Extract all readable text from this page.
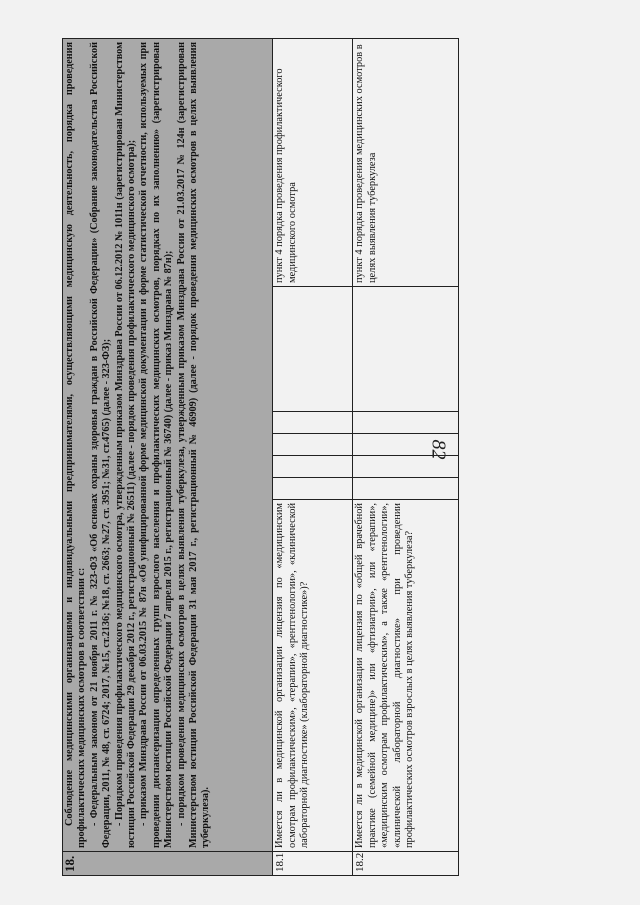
82
18.	Соблюдение медицинскими организациями и индивидуальными предпринимателями, осуществляющими медицинскую деятельность, порядка проведения профилактических медицинских осмотров в соответствии с: - Федеральным законом от 21 ноября 2011 г. № 323-ФЗ «Об основах охраны здоровья граждан в Российской Федерации» (Собрание законодательства Российской Федерации, 2011, № 48, ст. 6724; 2017, №15, ст.2136; №18, ст. 2663; №27, ст. 3951; №31, ст.4765) (далее - 323-ФЗ); - Порядком проведения профилактического медицинского осмотра, утвержденным приказом Минздрава России от 06.12.2012 № 1011н (зарегистрирован Министерством юстиции Российской Федерации 29 декабря 2012 г., регистрационный № 26511) (далее - порядок проведения профилактического медицинского осмотра); - приказом Минздрава России от 06.03.2015 № 87н «Об унифицированной форме медицинской документации и форме статистической отчетности, используемых при проведении диспансеризации определенных групп взрослого населения и профилактических медицинских осмотров, порядках по их заполнению» (зарегистрирован Министерством юстиции Российской Федерации 7 апреля 2015 г., регистрационный № 36740) (далее - приказ Минздрава № 87н); - порядком проведения медицинских осмотров в целях выявления туберкулеза, утвержденным приказом Минздрава России от 21.03.2017 № 124н (зарегистрирован Министерством юстиции Российской Федерации 31 мая 2017 г., регистрационный № 46909) (далее - порядок проведения медицинских осмотров в целях выявления туберкулеза).						

18.1	Имеется ли в медицинской организации лицензия по «медицинским осмотрам профилактическим», «терапии», «рентгенологии», «клинической лабораторной диагностике» (клабораторной диагностике»)?						пункт 4 порядка проведения профилактического медицинского осмотра
18.2	Имеется ли в медицинской организации лицензия по «общей врачебной практике (семейной медицине)» или «фтизиатрии», или «терапии», «медицинским осмотрам профилактическим», а также «рентгенологии», «клинической лабораторной диагностике» при проведении профилактических осмотров взрослых в целях выявления туберкулеза?						пункт 4 порядка проведения медицинских осмотров в целях выявления туберкулеза
